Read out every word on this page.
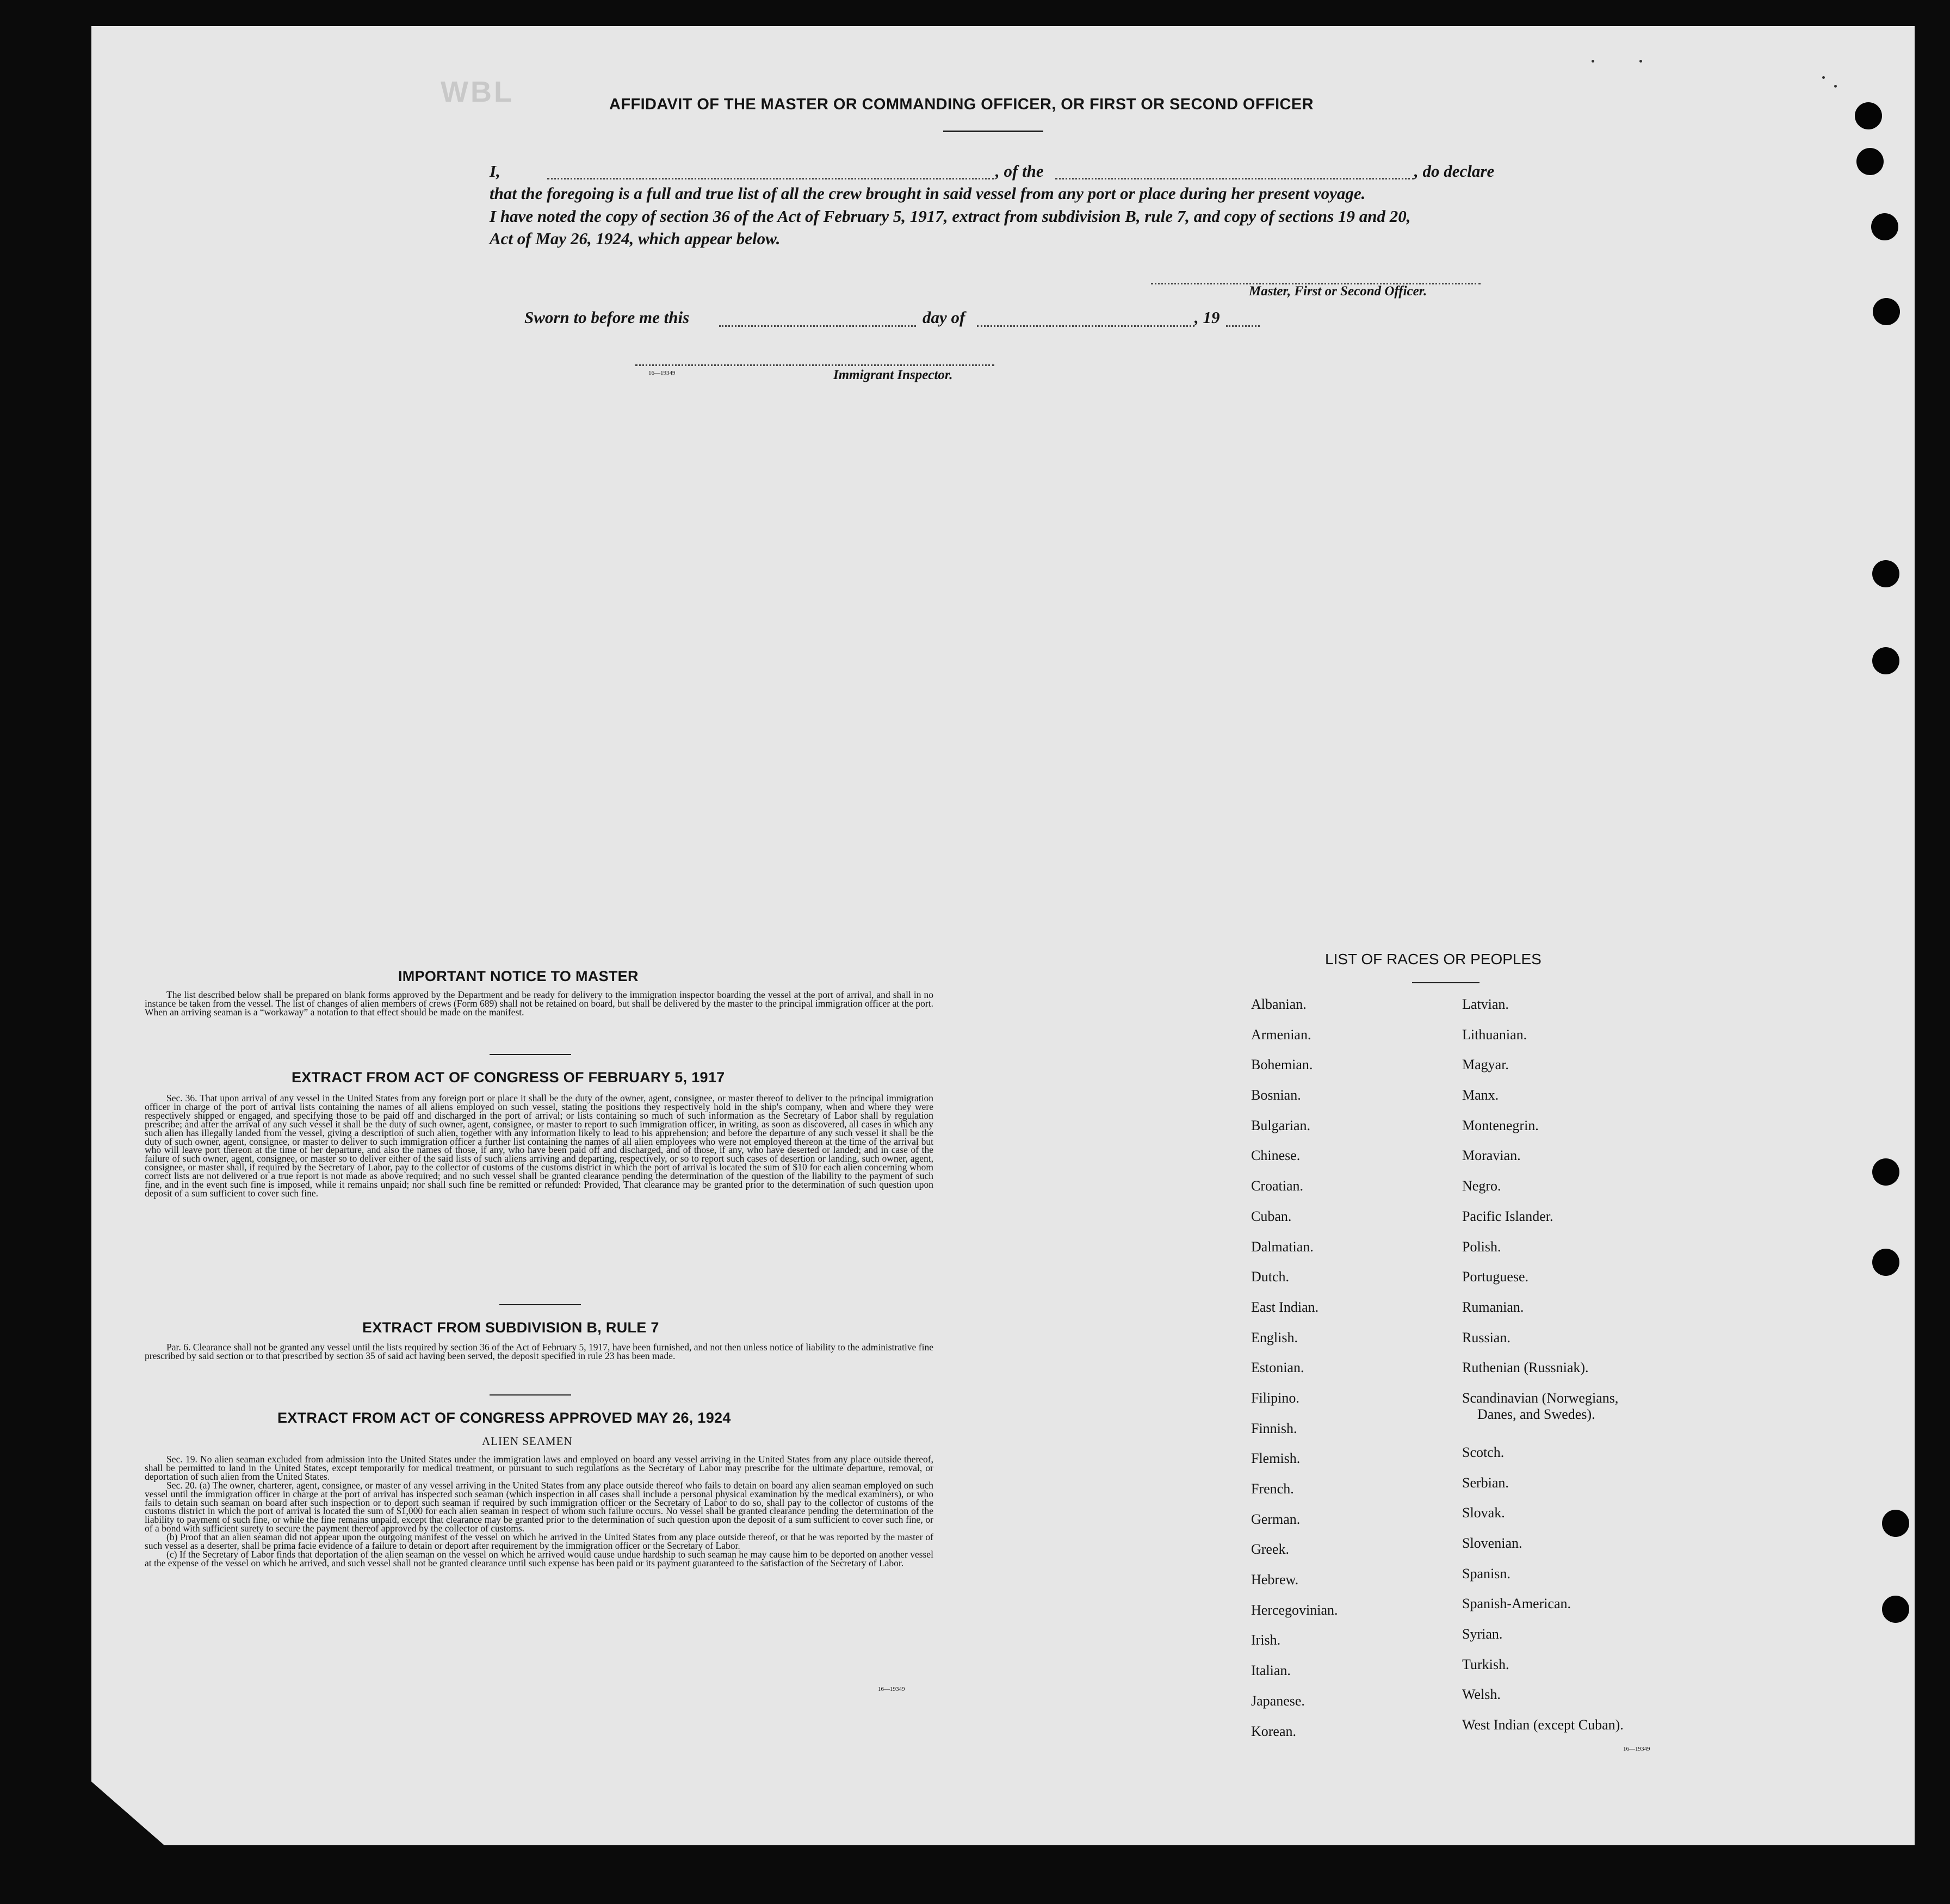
WBL	AFFIDAVIT OF THE MASTER OR COMMANDING OFFICER, OR FIRST OR SECOND OFFICER
I,	, of the	, do declare
that the foregoing is a full and true list of all the crew brought in said vessel from any port or place during her present voyage.
I have noted the copy of section 36 of the Act of February 5, 1917, extract from subdivision B, rule 7, and copy of sections 19 and 20,
Act of May 26, 1924, which appear below.
Master, First or Second Officer.
Sworn to before me this	day of	, 19
16—19349	Immigrant Inspector.
IMPORTANT NOTICE TO MASTER

The list described below shall be prepared on blank forms approved by the Department and be ready for delivery to the immigration inspector boarding the vessel at the port of arrival, and shall in no instance be taken from the vessel. The list of changes of alien members of crews (Form 689) shall not be retained on board, but shall be delivered by the master to the principal immigration officer at the port. When an arriving seaman is a “workaway” a notation to that effect should be made on the manifest.

EXTRACT FROM ACT OF CONGRESS OF FEBRUARY 5, 1917

Sec. 36. That upon arrival of any vessel in the United States from any foreign port or place it shall be the duty of the owner, agent, consignee, or master thereof to deliver to the principal immigration officer in charge of the port of arrival lists containing the names of all aliens employed on such vessel, stating the positions they respectively hold in the ship's company, when and where they were respectively shipped or engaged, and specifying those to be paid off and discharged in the port of arrival; or lists containing so much of such information as the Secretary of Labor shall by regulation prescribe; and after the arrival of any such vessel it shall be the duty of such owner, agent, consignee, or master to report to such immigration officer, in writing, as soon as discovered, all cases in which any such alien has illegally landed from the vessel, giving a description of such alien, together with any information likely to lead to his apprehension; and before the departure of any such vessel it shall be the duty of such owner, agent, consignee, or master to deliver to such immigration officer a further list containing the names of all alien employees who were not employed thereon at the time of the arrival but who will leave port thereon at the time of her departure, and also the names of those, if any, who have been paid off and discharged, and of those, if any, who have deserted or landed; and in case of the failure of such owner, agent, consignee, or master so to deliver either of the said lists of such aliens arriving and departing, respectively, or so to report such cases of desertion or landing, such owner, agent, consignee, or master shall, if required by the Secretary of Labor, pay to the collector of customs of the customs district in which the port of arrival is located the sum of $10 for each alien concerning whom correct lists are not delivered or a true report is not made as above required; and no such vessel shall be granted clearance pending the determination of the question of the liability to the payment of such fine, and in the event such fine is imposed, while it remains unpaid; nor shall such fine be remitted or refunded: Provided, That clearance may be granted prior to the determination of such question upon deposit of a sum sufficient to cover such fine.

EXTRACT FROM SUBDIVISION B, RULE 7

Par. 6. Clearance shall not be granted any vessel until the lists required by section 36 of the Act of February 5, 1917, have been furnished, and not then unless notice of liability to the administrative fine prescribed by said section or to that prescribed by section 35 of said act having been served, the deposit specified in rule 23 has been made.

EXTRACT FROM ACT OF CONGRESS APPROVED MAY 26, 1924
ALIEN SEAMEN

Sec. 19. No alien seaman excluded from admission into the United States under the immigration laws and employed on board any vessel arriving in the United States from any place outside thereof, shall be permitted to land in the United States, except temporarily for medical treatment, or pursuant to such regulations as the Secretary of Labor may prescribe for the ultimate departure, removal, or deportation of such alien from the United States.

Sec. 20. (a) The owner, charterer, agent, consignee, or master of any vessel arriving in the United States from any place outside thereof who fails to detain on board any alien seaman employed on such vessel until the immigration officer in charge at the port of arrival has inspected such seaman (which inspection in all cases shall include a personal physical examination by the medical examiners), or who fails to detain such seaman on board after such inspection or to deport such seaman if required by such immigration officer or the Secretary of Labor to do so, shall pay to the collector of customs of the customs district in which the port of arrival is located the sum of $1,000 for each alien seaman in respect of whom such failure occurs. No vessel shall be granted clearance pending the determination of the liability to payment of such fine, or while the fine remains unpaid, except that clearance may be granted prior to the determination of such question upon the deposit of a sum sufficient to cover such fine, or of a bond with sufficient surety to secure the payment thereof approved by the collector of customs.

(b) Proof that an alien seaman did not appear upon the outgoing manifest of the vessel on which he arrived in the United States from any place outside thereof, or that he was reported by the master of such vessel as a deserter, shall be prima facie evidence of a failure to detain or deport after requirement by the immigration officer or the Secretary of Labor.

(c) If the Secretary of Labor finds that deportation of the alien seaman on the vessel on which he arrived would cause undue hardship to such seaman he may cause him to be deported on another vessel at the expense of the vessel on which he arrived, and such vessel shall not be granted clearance until such expense has been paid or its payment guaranteed to the satisfaction of the Secretary of Labor.

16—19349
LIST OF RACES OR PEOPLES
Albanian.
Armenian.
Bohemian.
Bosnian.
Bulgarian.
Chinese.
Croatian.
Cuban.
Dalmatian.
Dutch.
East Indian.
English.
Estonian.
Filipino.
Finnish.
Flemish.
French.
German.
Greek.
Hebrew.
Hercegovinian.
Irish.
Italian.
Japanese.
Korean.
Latvian.
Lithuanian.
Magyar.
Manx.
Montenegrin.
Moravian.
Negro.
Pacific Islander.
Polish.
Portuguese.
Rumanian.
Russian.
Ruthenian (Russniak).
Scandinavian (Norwegians,
Danes, and Swedes).
Scotch.
Serbian.
Slovak.
Slovenian.
Spanisn.
Spanish-American.
Syrian.
Turkish.
Welsh.
West Indian (except Cuban).
16—19349
